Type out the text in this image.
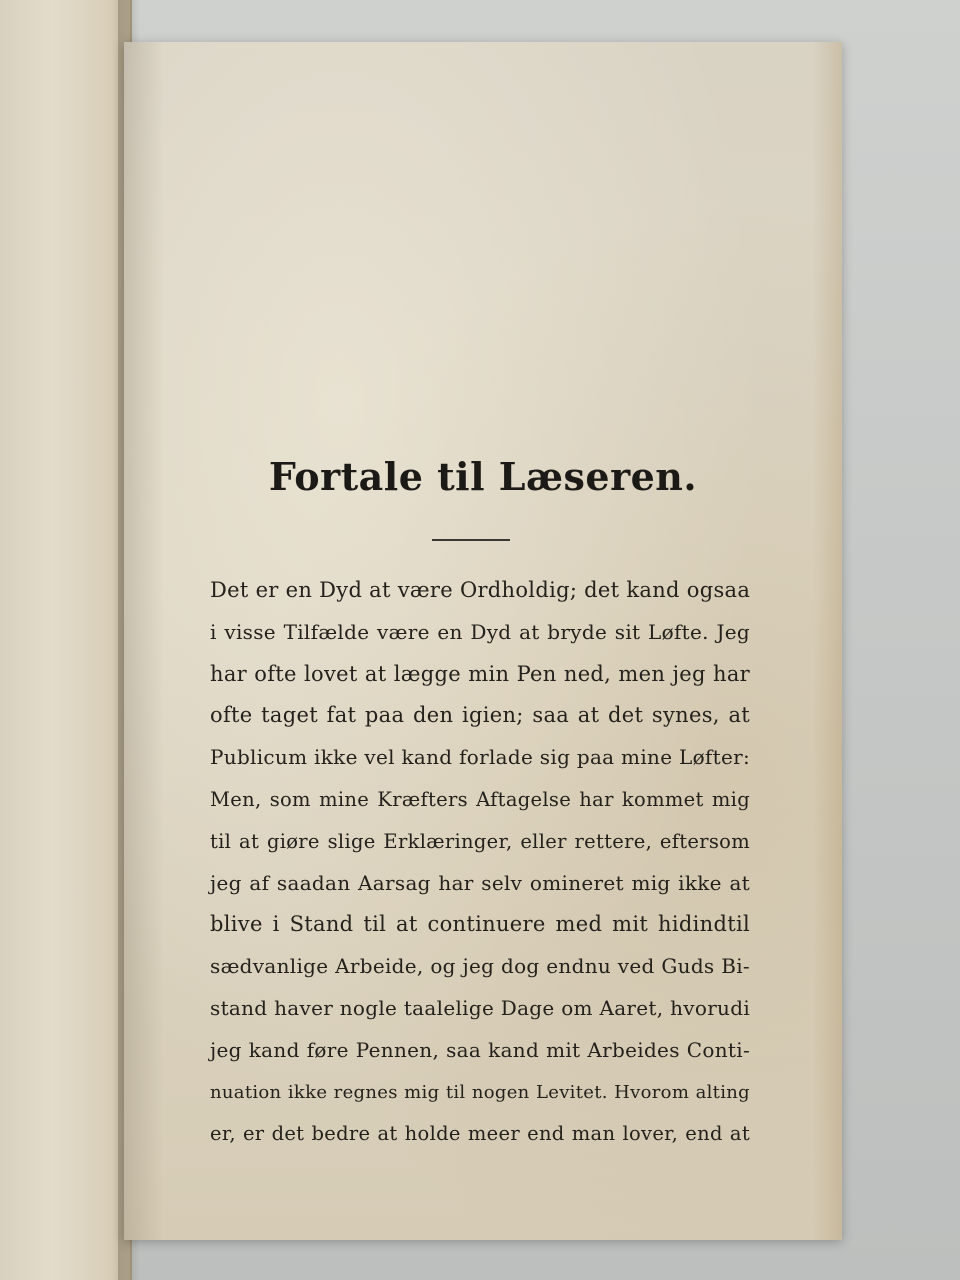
Fortale til Læseren.
Det er en Dyd at være Ordholdig; det kand ogsaa
i visse Tilfælde være en Dyd at bryde sit Løfte. Jeg
har ofte lovet at lægge min Pen ned, men jeg har
ofte taget fat paa den igien; saa at det synes, at
Publicum ikke vel kand forlade sig paa mine Løfter:
Men, som mine Kræfters Aftagelse har kommet mig
til at giøre slige Erklæringer, eller rettere, eftersom
jeg af saadan Aarsag har selv omineret mig ikke at
blive i Stand til at continuere med mit hidindtil
sædvanlige Arbeide, og jeg dog endnu ved Guds Bi-
stand haver nogle taalelige Dage om Aaret, hvorudi
jeg kand føre Pennen, saa kand mit Arbeides Conti-
nuation ikke regnes mig til nogen Levitet. Hvorom alting
er, er det bedre at holde meer end man lover, end at
